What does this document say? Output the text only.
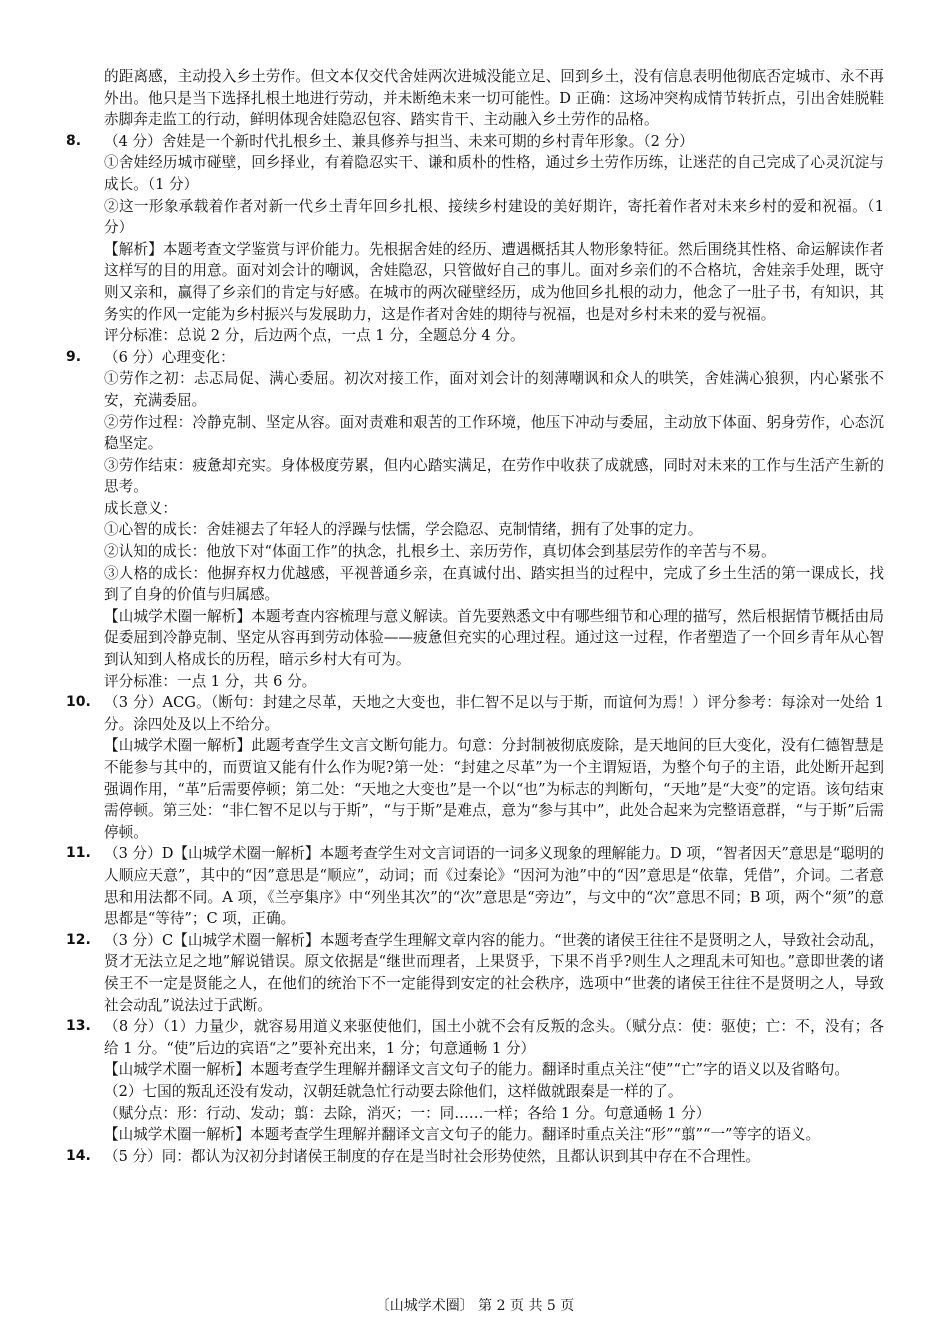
的距离感，主动投入乡土劳作。但文本仅交代舍娃两次进城没能立足、回到乡土，没有信息表明他彻底否定城市、永不再外出。他只是当下选择扎根土地进行劳动，并未断绝未来一切可能性。D 正确：这场冲突构成情节转折点，引出舍娃脱鞋赤脚奔走监工的行动，鲜明体现舍娃隐忍包容、踏实肯干、主动融入乡土劳作的品格。

8. （4 分）舍娃是一个新时代扎根乡土、兼具修养与担当、未来可期的乡村青年形象。（2 分）

①舍娃经历城市碰壁，回乡择业，有着隐忍实干、谦和质朴的性格，通过乡土劳作历练，让迷茫的自己完成了心灵沉淀与成长。（1 分）

②这一形象承载着作者对新一代乡土青年回乡扎根、接续乡村建设的美好期许，寄托着作者对未来乡村的爱和祝福。（1 分）

【解析】本题考查文学鉴赏与评价能力。先根据舍娃的经历、遭遇概括其人物形象特征。然后围绕其性格、命运解读作者这样写的目的用意。面对刘会计的嘲讽，舍娃隐忍，只管做好自己的事儿。面对乡亲们的不合格坑，舍娃亲手处理，既守则又亲和，赢得了乡亲们的肯定与好感。在城市的两次碰壁经历，成为他回乡扎根的动力，他念了一肚子书，有知识，其务实的作风一定能为乡村振兴与发展助力，这是作者对舍娃的期待与祝福，也是对乡村未来的爱与祝福。

评分标准：总说 2 分，后边两个点，一点 1 分，全题总分 4 分。

9. （6 分）心理变化：

①劳作之初：忐忑局促、满心委屈。初次对接工作，面对刘会计的刻薄嘲讽和众人的哄笑，舍娃满心狼狈，内心紧张不安，充满委屈。

②劳作过程：冷静克制、坚定从容。面对责难和艰苦的工作环境，他压下冲动与委屈，主动放下体面、躬身劳作，心态沉稳坚定。

③劳作结束：疲惫却充实。身体极度劳累，但内心踏实满足，在劳作中收获了成就感，同时对未来的工作与生活产生新的思考。

成长意义：

①心智的成长：舍娃褪去了年轻人的浮躁与怯懦，学会隐忍、克制情绪，拥有了处事的定力。

②认知的成长：他放下对“体面工作”的执念，扎根乡土、亲历劳作，真切体会到基层劳作的辛苦与不易。

③人格的成长：他摒弃权力优越感，平视普通乡亲，在真诚付出、踏实担当的过程中，完成了乡土生活的第一课成长，找到了自身的价值与归属感。

【山城学术圈一解析】本题考查内容梳理与意义解读。首先要熟悉文中有哪些细节和心理的描写，然后根据情节概括由局促委屈到冷静克制、坚定从容再到劳动体验——疲惫但充实的心理过程。通过这一过程，作者塑造了一个回乡青年从心智到认知到人格成长的历程，暗示乡村大有可为。

评分标准：一点 1 分，共 6 分。

10. （3 分）ACG。（断句：封建之尽革，天地之大变也，非仁智不足以与于斯，而谊何为焉！）评分参考：每涂对一处给 1 分。涂四处及以上不给分。

【山城学术圈一解析】此题考查学生文言文断句能力。句意：分封制被彻底废除，是天地间的巨大变化，没有仁德智慧是不能参与其中的，而贾谊又能有什么作为呢?第一处：“封建之尽革”为一个主谓短语，为整个句子的主语，此处断开起到强调作用，“革”后需要停顿；第二处：“天地之大变也”是一个以“也”为标志的判断句，“天地”是“大变”的定语。该句结束需停顿。第三处：“非仁智不足以与于斯”，“与于斯”是难点，意为“参与其中”，此处合起来为完整语意群，“与于斯”后需停顿。

11. （3 分）D【山城学术圈一解析】本题考查学生对文言词语的一词多义现象的理解能力。D 项，“智者因天”意思是“聪明的人顺应天意”，其中的“因”意思是“顺应”，动词；而《过秦论》“因河为池”中的“因”意思是“依靠，凭借”，介词。二者意思和用法都不同。A 项，《兰亭集序》中“列坐其次”的“次”意思是“旁边”，与文中的“次”意思不同；B 项，两个“须”的意思都是“等待”；C 项，正确。

12. （3 分）C【山城学术圈一解析】本题考查学生理解文章内容的能力。“世袭的诸侯王往往不是贤明之人，导致社会动乱，贤才无法立足之地”解说错误。原文依据是“继世而理者，上果贤乎，下果不肖乎?则生人之理乱未可知也。”意即世袭的诸侯王不一定是贤能之人，在他们的统治下不一定能得到安定的社会秩序，选项中“世袭的诸侯王往往不是贤明之人，导致社会动乱”说法过于武断。

13. （8 分）（1）力量少，就容易用道义来驱使他们，国土小就不会有反叛的念头。（赋分点：使：驱使；亡：不，没有；各给 1 分。“使”后边的宾语“之”要补充出来，1 分；句意通畅 1 分）

【山城学术圈一解析】本题考查学生理解并翻译文言文句子的能力。翻译时重点关注“使”“亡”字的语义以及省略句。

（2）七国的叛乱还没有发动，汉朝廷就急忙行动要去除他们，这样做就跟秦是一样的了。

（赋分点：形：行动、发动；翦：去除，消灭；一：同……一样；各给 1 分。句意通畅 1 分）

【山城学术圈一解析】本题考查学生理解并翻译文言文句子的能力。翻译时重点关注“形”“翦”“一”等字的语义。

14. （5 分）同：都认为汉初分封诸侯王制度的存在是当时社会形势使然，且都认识到其中存在不合理性。

〔山城学术圈〕 第 2 页 共 5 页
